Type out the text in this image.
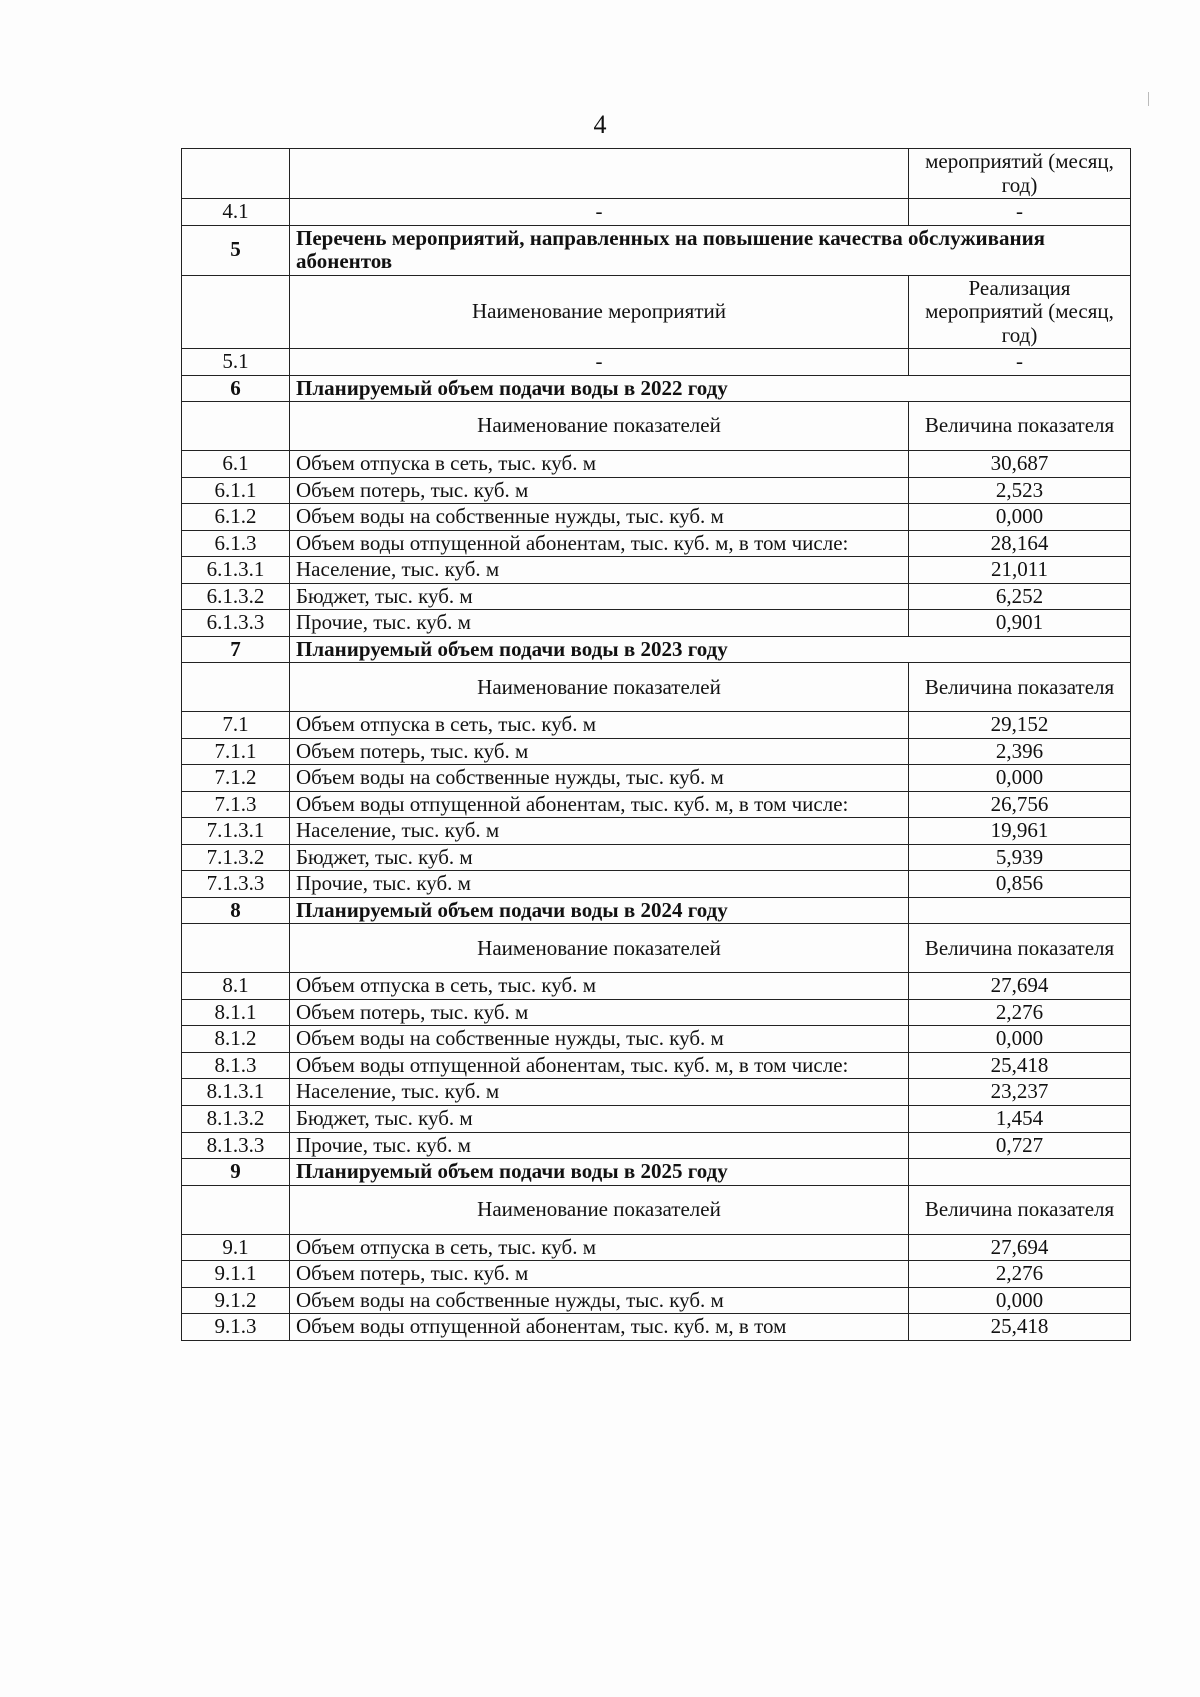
4
		мероприятий (месяц, год)
4.1	-	-
5	Перечень мероприятий, направленных на повышение качества обслуживания абонентов	
	Наименование мероприятий	Реализация мероприятий (месяц, год)
5.1	-	-
6	Планируемый объем подачи воды в 2022 году	
	Наименование показателей	Величина показателя
6.1	Объем отпуска в сеть, тыс. куб. м	30,687
6.1.1	Объем потерь, тыс. куб. м	2,523
6.1.2	Объем воды на собственные нужды, тыс. куб. м	0,000
6.1.3	Объем воды отпущенной абонентам, тыс. куб. м, в том числе:	28,164
6.1.3.1	Население, тыс. куб. м	21,011
6.1.3.2	Бюджет, тыс. куб. м	6,252
6.1.3.3	Прочие, тыс. куб. м	0,901
7	Планируемый объем подачи воды в 2023 году	
	Наименование показателей	Величина показателя
7.1	Объем отпуска в сеть, тыс. куб. м	29,152
7.1.1	Объем потерь, тыс. куб. м	2,396
7.1.2	Объем воды на собственные нужды, тыс. куб. м	0,000
7.1.3	Объем воды отпущенной абонентам, тыс. куб. м, в том числе:	26,756
7.1.3.1	Население, тыс. куб. м	19,961
7.1.3.2	Бюджет, тыс. куб. м	5,939
7.1.3.3	Прочие, тыс. куб. м	0,856
8	Планируемый объем подачи воды в 2024 году	
	Наименование показателей	Величина показателя
8.1	Объем отпуска в сеть, тыс. куб. м	27,694
8.1.1	Объем потерь, тыс. куб. м	2,276
8.1.2	Объем воды на собственные нужды, тыс. куб. м	0,000
8.1.3	Объем воды отпущенной абонентам, тыс. куб. м, в том числе:	25,418
8.1.3.1	Население, тыс. куб. м	23,237
8.1.3.2	Бюджет, тыс. куб. м	1,454
8.1.3.3	Прочие, тыс. куб. м	0,727
9	Планируемый объем подачи воды в 2025 году	
	Наименование показателей	Величина показателя
9.1	Объем отпуска в сеть, тыс. куб. м	27,694
9.1.1	Объем потерь, тыс. куб. м	2,276
9.1.2	Объем воды на собственные нужды, тыс. куб. м	0,000
9.1.3	Объем воды отпущенной абонентам, тыс. куб. м, в том	25,418
